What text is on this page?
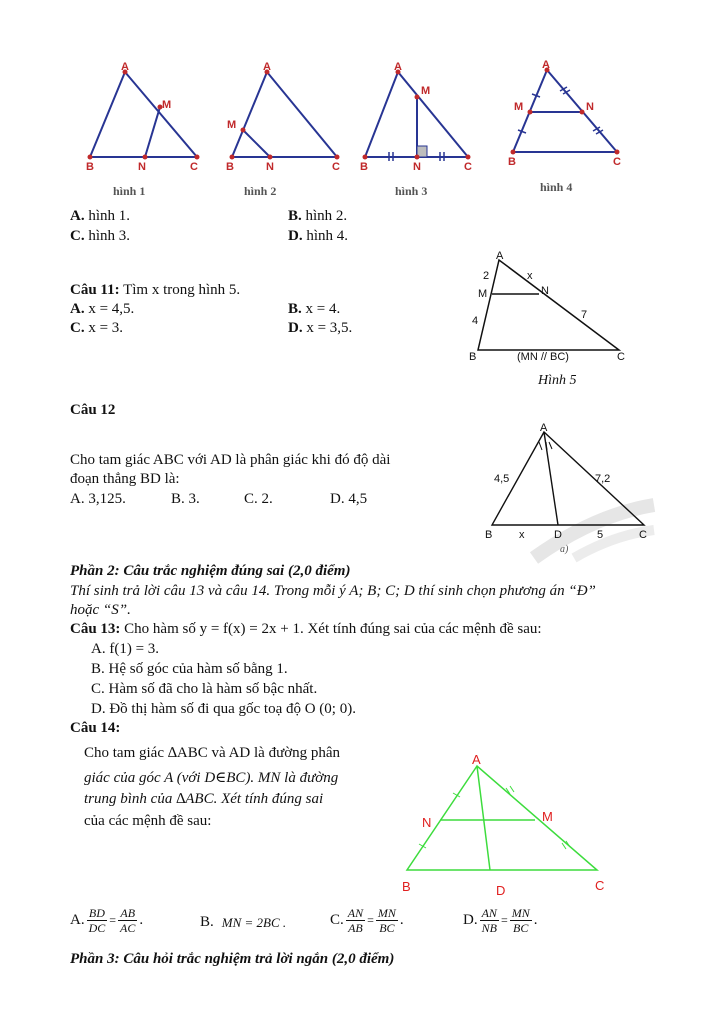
A
M
B	N	C
hình 1
A
M
B	N	C
hình 2
A
M
B	N	C
hình 3
A
M	N
B	C
hình 4
A. hình 1.	B. hình 2.
C. hình 3.	D. hình 4.
Câu 11: Tìm x trong hình 5.
A. x = 4,5.	B. x = 4.
C. x = 3.	D. x = 3,5.
A
M	N
B	C
2	x
4	7
(MN // BC)
Hình 5
Câu 12
Cho tam giác ABC với AD là phân giác khi đó độ dài
đoạn thẳng BD là:
A. 3,125.	B. 3.	C. 2.	D. 4,5
A
B	D	C
4,5	7,2
x	5
a)
Phần 2: Câu trắc nghiệm đúng sai (2,0 điểm)
Thí sinh trả lời câu 13 và câu 14. Trong mỗi ý A; B; C; D thí sinh chọn phương án “Đ”
hoặc “S”.
Câu 13: Cho hàm số y = f(x) = 2x + 1. Xét tính đúng sai của các mệnh đề sau:
A. f(1) = 3.
B. Hệ số góc của hàm số bằng 1.
C. Hàm số đã cho là hàm số bậc nhất.
D. Đồ thị hàm số đi qua gốc toạ độ O (0; 0).
Câu 14:
Cho tam giác ∆ABC và AD là đường phân
giác của góc A (với D∈BC). MN là đường
trung bình của ∆ABC. Xét tính đúng sai
của các mệnh đề sau:
A
N	M
B	D	C
A. $\frac{BD}{DC} = \frac{AB}{AC}$ .	B. MN = 2BC .	C. $\frac{AN}{AB} = \frac{MN}{BC}$ .	D. $\frac{AN}{NB} = \frac{MN}{BC}$ .
Phần 3: Câu hỏi trắc nghiệm trả lời ngắn (2,0 điểm)
